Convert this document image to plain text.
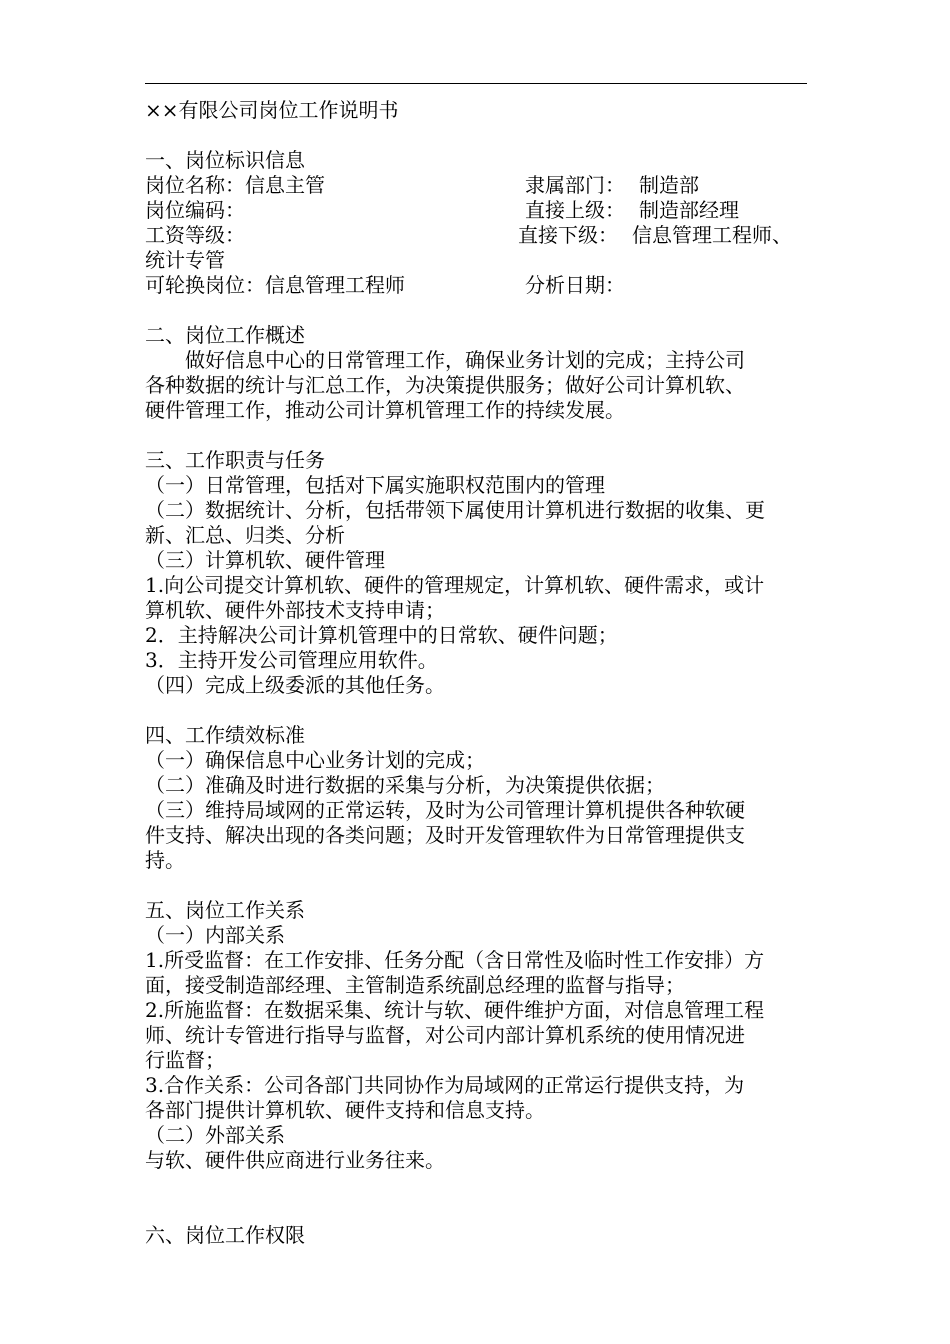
××有限公司岗位工作说明书
一、岗位标识信息
岗位名称：信息主管	隶属部门： 制造部
岗位编码：	直接上级： 制造部经理
工资等级：	直接下级： 信息管理工程师、
统计专管
可轮换岗位：信息管理工程师	分析日期：
二、岗位工作概述
做好信息中心的日常管理工作，确保业务计划的完成；主持公司
各种数据的统计与汇总工作，为决策提供服务；做好公司计算机软、
硬件管理工作，推动公司计算机管理工作的持续发展。
三、工作职责与任务
（一）日常管理，包括对下属实施职权范围内的管理
（二）数据统计、分析，包括带领下属使用计算机进行数据的收集、更
新、汇总、归类、分析
（三）计算机软、硬件管理
1.向公司提交计算机软、硬件的管理规定，计算机软、硬件需求，或计
算机软、硬件外部技术支持申请；
2．主持解决公司计算机管理中的日常软、硬件问题；
3．主持开发公司管理应用软件。
（四）完成上级委派的其他任务。
四、工作绩效标准
（一）确保信息中心业务计划的完成；
（二）准确及时进行数据的采集与分析，为决策提供依据；
（三）维持局域网的正常运转，及时为公司管理计算机提供各种软硬
件支持、解决出现的各类问题；及时开发管理软件为日常管理提供支
持。
五、岗位工作关系
（一）内部关系
1.所受监督：在工作安排、任务分配（含日常性及临时性工作安排）方
面，接受制造部经理、主管制造系统副总经理的监督与指导；
2.所施监督：在数据采集、统计与软、硬件维护方面，对信息管理工程
师、统计专管进行指导与监督，对公司内部计算机系统的使用情况进
行监督；
3.合作关系：公司各部门共同协作为局域网的正常运行提供支持，为
各部门提供计算机软、硬件支持和信息支持。
（二）外部关系
与软、硬件供应商进行业务往来。
六、岗位工作权限
